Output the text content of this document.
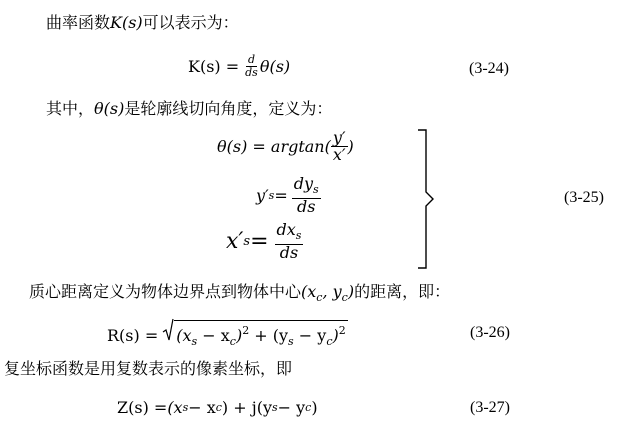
曲率函数K(s)可以表示为：
$K(s) = \frac{d}{ds} \theta(s)$	(3-24)
其中，θ(s)是轮廓线切向角度，定义为：
$\theta(s) = argtan( \frac{y'}{x'}$ )
y′ $s = \frac{dy_s}{ds}$
x′ $s = \frac{dx_s}{ds}$
(3-25)
质心距离定义为物体边界点到物体中心($x_c$, $y_c$)的距离，即：
$R(s) = (x_s - x_c)^2 + (y_s - y_c)^2$	(3-26)
复坐标函数是用复数表示的像素坐标，即
Z(s) = (x s − x c ) + j(y s − y c )	(3-27)
